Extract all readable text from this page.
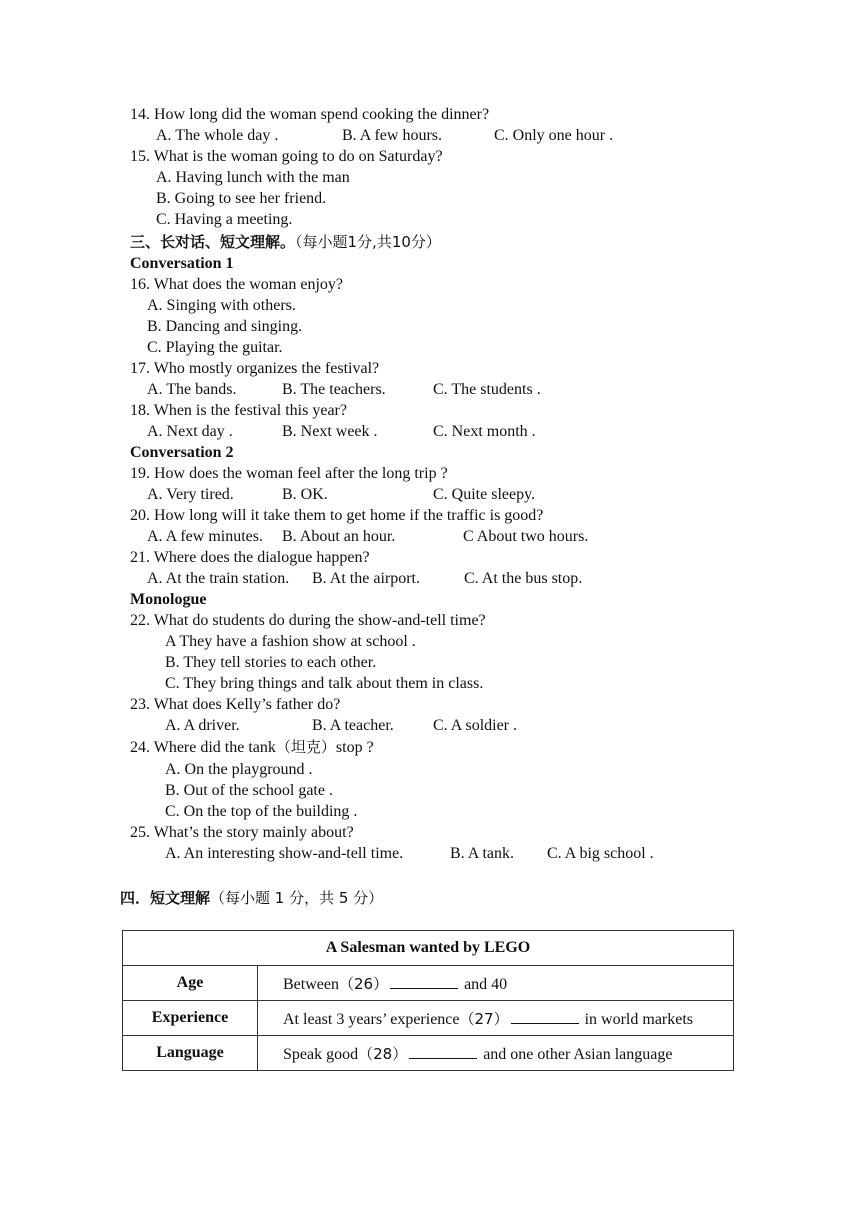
14. How long did the woman spend cooking the dinner?
A. The whole day .	B. A few hours.	C. Only one hour .
15. What is the woman going to do on Saturday?
A. Having lunch with the man
B. Going to see her friend.
C. Having a meeting.
三、长对话、短文理解。（每小题1分,共10分）
Conversation 1
16. What does the woman enjoy?
A. Singing with others.
B. Dancing and singing.
C. Playing the guitar.
17. Who mostly organizes the festival?
A. The bands.	B. The teachers.	C. The students .
18. When is the festival this year?
A. Next day .	B. Next week .	C. Next month .
Conversation 2
19. How does the woman feel after the long trip ?
A. Very tired.	B. OK.	C. Quite sleepy.
20. How long will it take them to get home if the traffic is good?
A. A few minutes. B. About an hour.	C About two hours.
21. Where does the dialogue happen?
A. At the train station. B. At the airport.	C. At the bus stop.
Monologue
22. What do students do during the show-and-tell time?
A They have a fashion show at school .
B. They tell stories to each other.
C. They bring things and talk about them in class.
23. What does Kelly’s father do?
A. A driver.	B. A teacher. C. A soldier .
24. Where did the tank（坦克）stop ?
A. On the playground .
B. Out of the school gate .
C. On the top of the building .
25. What’s the story mainly about?
A. An interesting show-and-tell time.	B. A tank. C. A big school .
四．短文理解（每小题 1 分，共 5 分）
A Salesman wanted by LEGO	
Age	Between（26） and 40
Experience	At least 3 years’ experience（27） in world markets
Language	Speak good（28） and one other Asian language
